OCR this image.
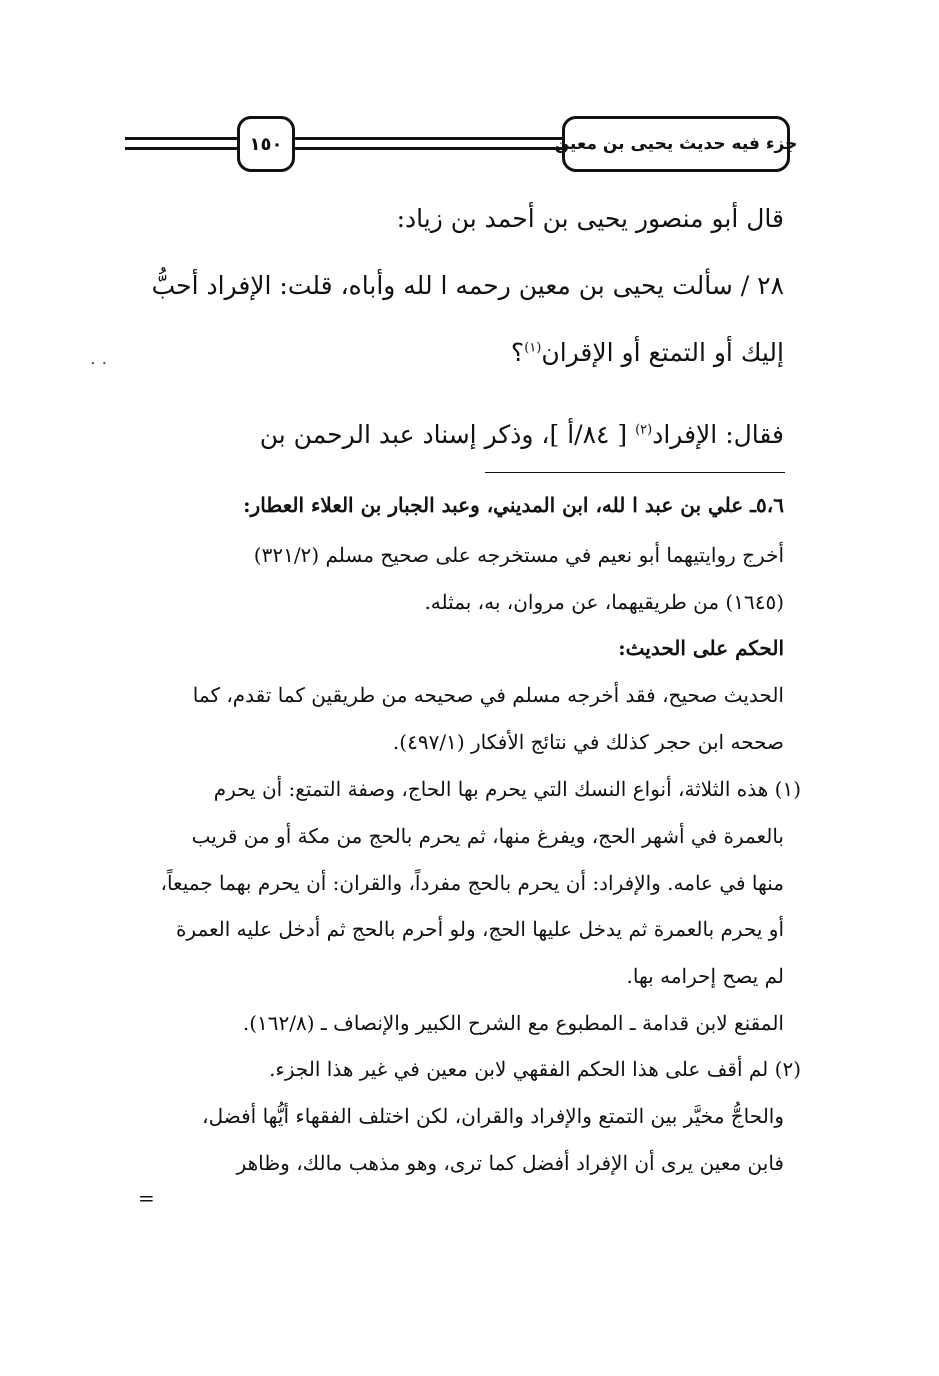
١٥٠	جزء فيه حديث يحيى بن معين
. .
قال أبو منصور يحيى بن أحمد بن زياد:
٢٨ / سألت يحيى بن معين رحمه ا لله وأباه، قلت: الإفراد أحبُّ
إليك أو التمتع أو الإقران$^{(١)}$؟
فقال: الإفراد$^{(٢)}$ [ ٨٤/أ ]، وذكر إسناد عبد الرحمن بن
٥،٦ـ علي بن عبد ا لله، ابن المديني، وعبد الجبار بن العلاء العطار:
أخرج روايتيهما أبو نعيم في مستخرجه على صحيح مسلم (٣٢١/٢)
(١٦٤٥) من طريقيهما، عن مروان، به، بمثله.
الحكم على الحديث:
الحديث صحيح، فقد أخرجه مسلم في صحيحه من طريقين كما تقدم، كما
صححه ابن حجر كذلك في نتائج الأفكار (٤٩٧/١).
(١) هذه الثلاثة، أنواع النسك التي يحرم بها الحاج، وصفة التمتع: أن يحرم
بالعمرة في أشهر الحج، ويفرغ منها، ثم يحرم بالحج من مكة أو من قريب
منها في عامه. والإفراد: أن يحرم بالحج مفرداً، والقران: أن يحرم بهما جميعاً،
أو يحرم بالعمرة ثم يدخل عليها الحج، ولو أحرم بالحج ثم أدخل عليه العمرة
لم يصح إحرامه بها.
المقنع لابن قدامة ـ المطبوع مع الشرح الكبير والإنصاف ـ (١٦٢/٨).
(٢) لم أقف على هذا الحكم الفقهي لابن معين في غير هذا الجزء.
والحاجُّ مخيَّر بين التمتع والإفراد والقران، لكن اختلف الفقهاء أيُّها أفضل،
فابن معين يرى أن الإفراد أفضل كما ترى، وهو مذهب مالك، وظاهر
=
